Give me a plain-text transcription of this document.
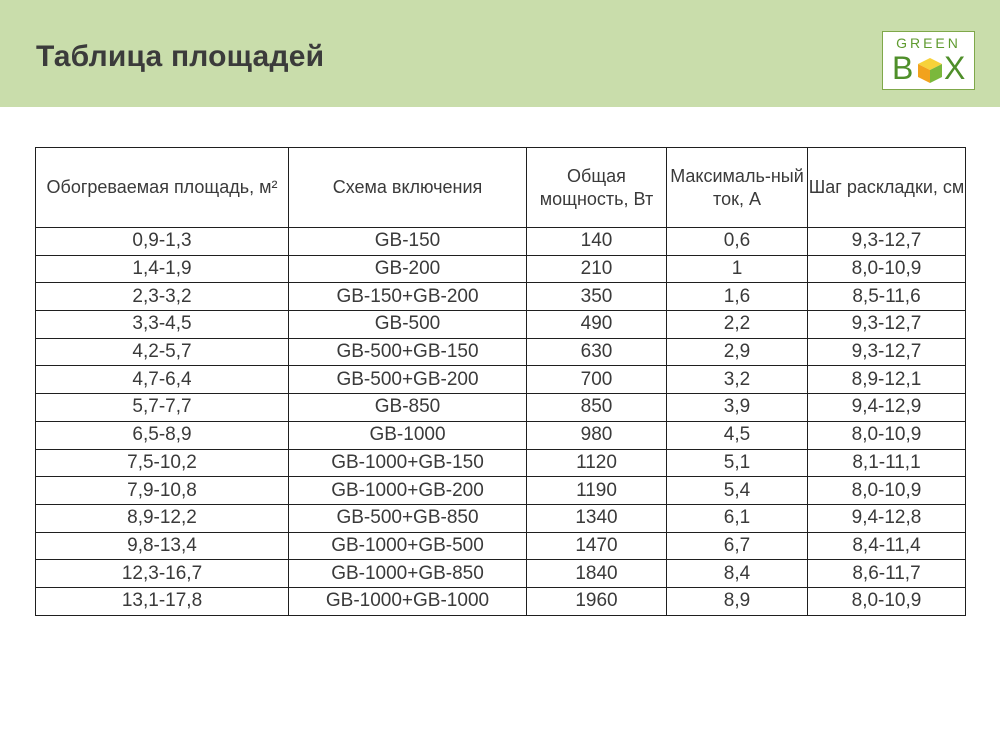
Таблица площадей	GREEN
B X
Обогреваемая площадь, м²	Схема включения	Общая мощность, Вт	Максималь-ный ток, А	Шаг раскладки, см
0,9-1,3	GB-150	140	0,6	9,3-12,7
1,4-1,9	GB-200	210	1	8,0-10,9
2,3-3,2	GB-150+GB-200	350	1,6	8,5-11,6
3,3-4,5	GB-500	490	2,2	9,3-12,7
4,2-5,7	GB-500+GB-150	630	2,9	9,3-12,7
4,7-6,4	GB-500+GB-200	700	3,2	8,9-12,1
5,7-7,7	GB-850	850	3,9	9,4-12,9
6,5-8,9	GB-1000	980	4,5	8,0-10,9
7,5-10,2	GB-1000+GB-150	1120	5,1	8,1-11,1
7,9-10,8	GB-1000+GB-200	1190	5,4	8,0-10,9
8,9-12,2	GB-500+GB-850	1340	6,1	9,4-12,8
9,8-13,4	GB-1000+GB-500	1470	6,7	8,4-11,4
12,3-16,7	GB-1000+GB-850	1840	8,4	8,6-11,7
13,1-17,8	GB-1000+GB-1000	1960	8,9	8,0-10,9
